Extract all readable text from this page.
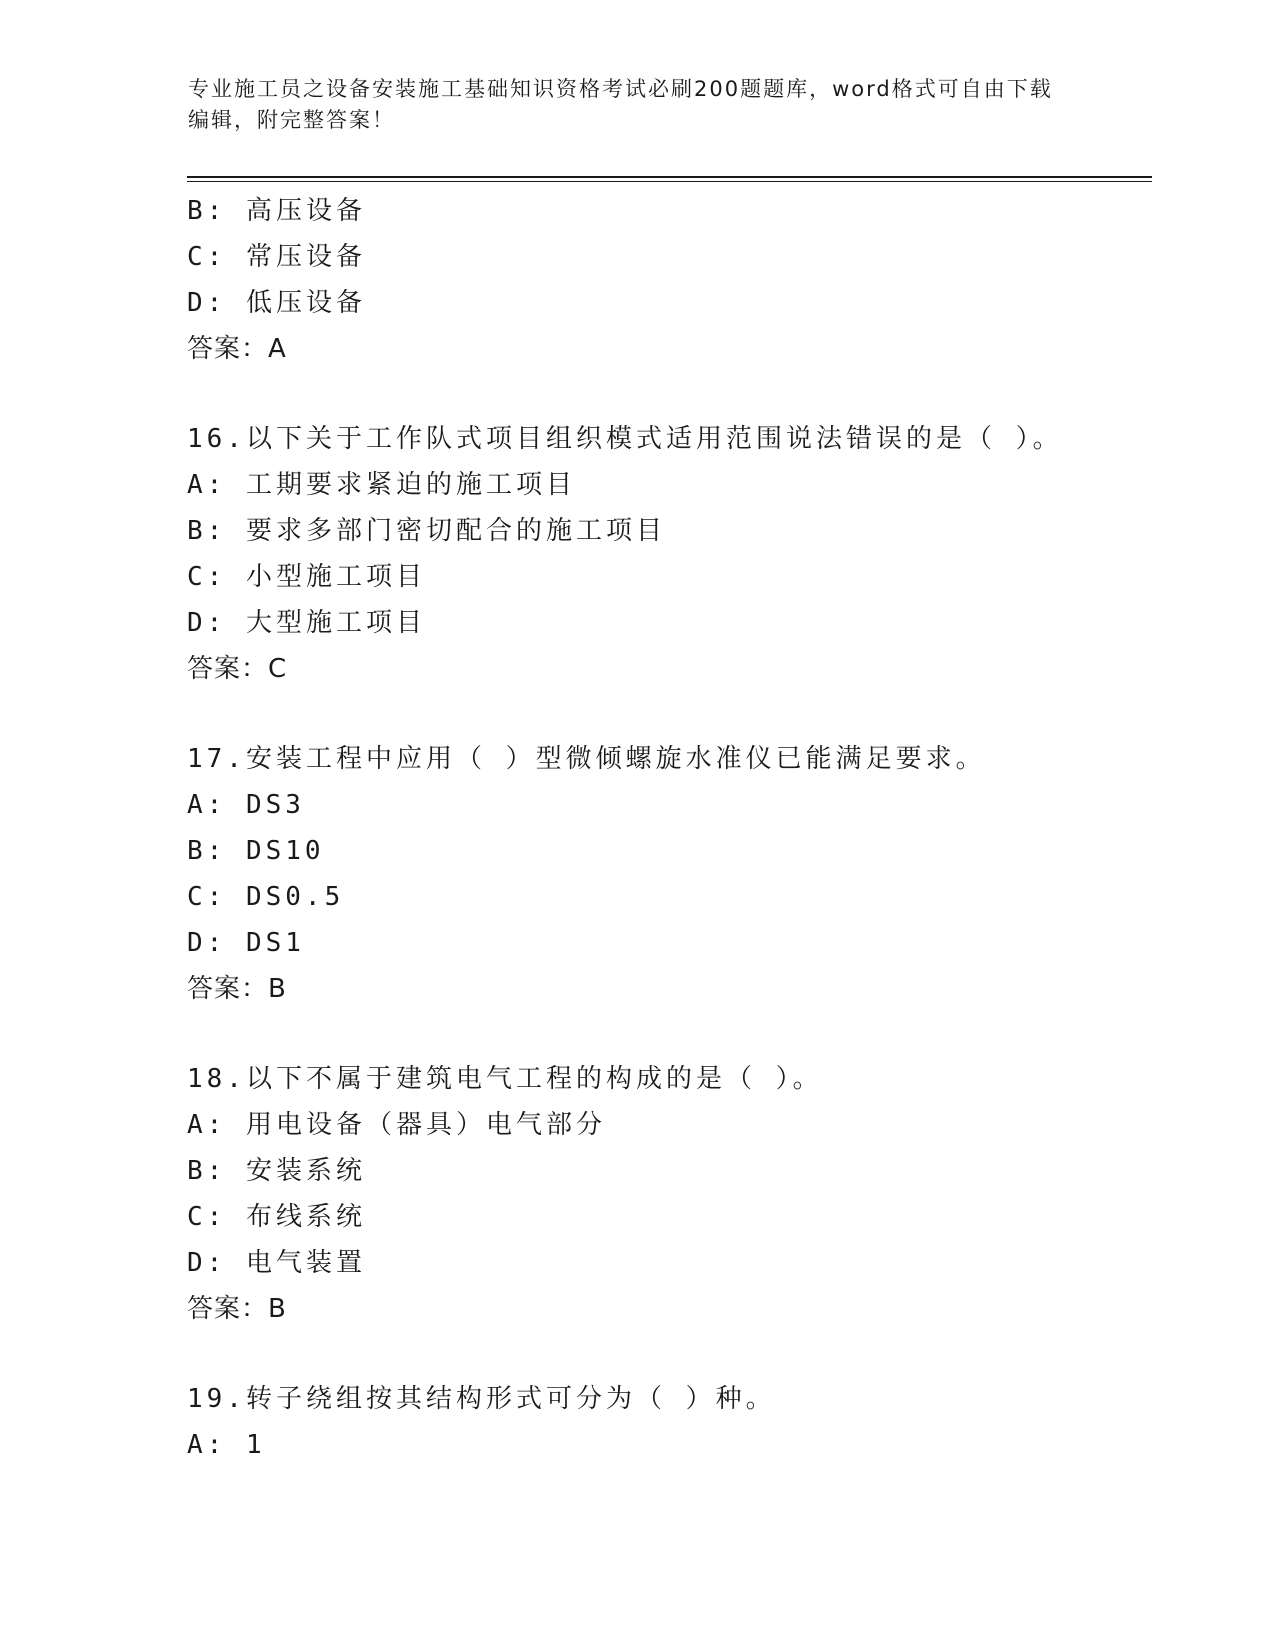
专业施工员之设备安装施工基础知识资格考试必刷200题题库，word格式可自由下载编辑，附完整答案！
B: 高压设备
C: 常压设备
D: 低压设备
答案：A
16.以下关于工作队式项目组织模式适用范围说法错误的是（ ）。
A: 工期要求紧迫的施工项目
B: 要求多部门密切配合的施工项目
C: 小型施工项目
D: 大型施工项目
答案：C
17.安装工程中应用（ ）型微倾螺旋水准仪已能满足要求。
A: DS3
B: DS10
C: DS0.5
D: DS1
答案：B
18.以下不属于建筑电气工程的构成的是（ ）。
A: 用电设备（器具）电气部分
B: 安装系统
C: 布线系统
D: 电气装置
答案：B
19.转子绕组按其结构形式可分为（ ）种。
A: 1
